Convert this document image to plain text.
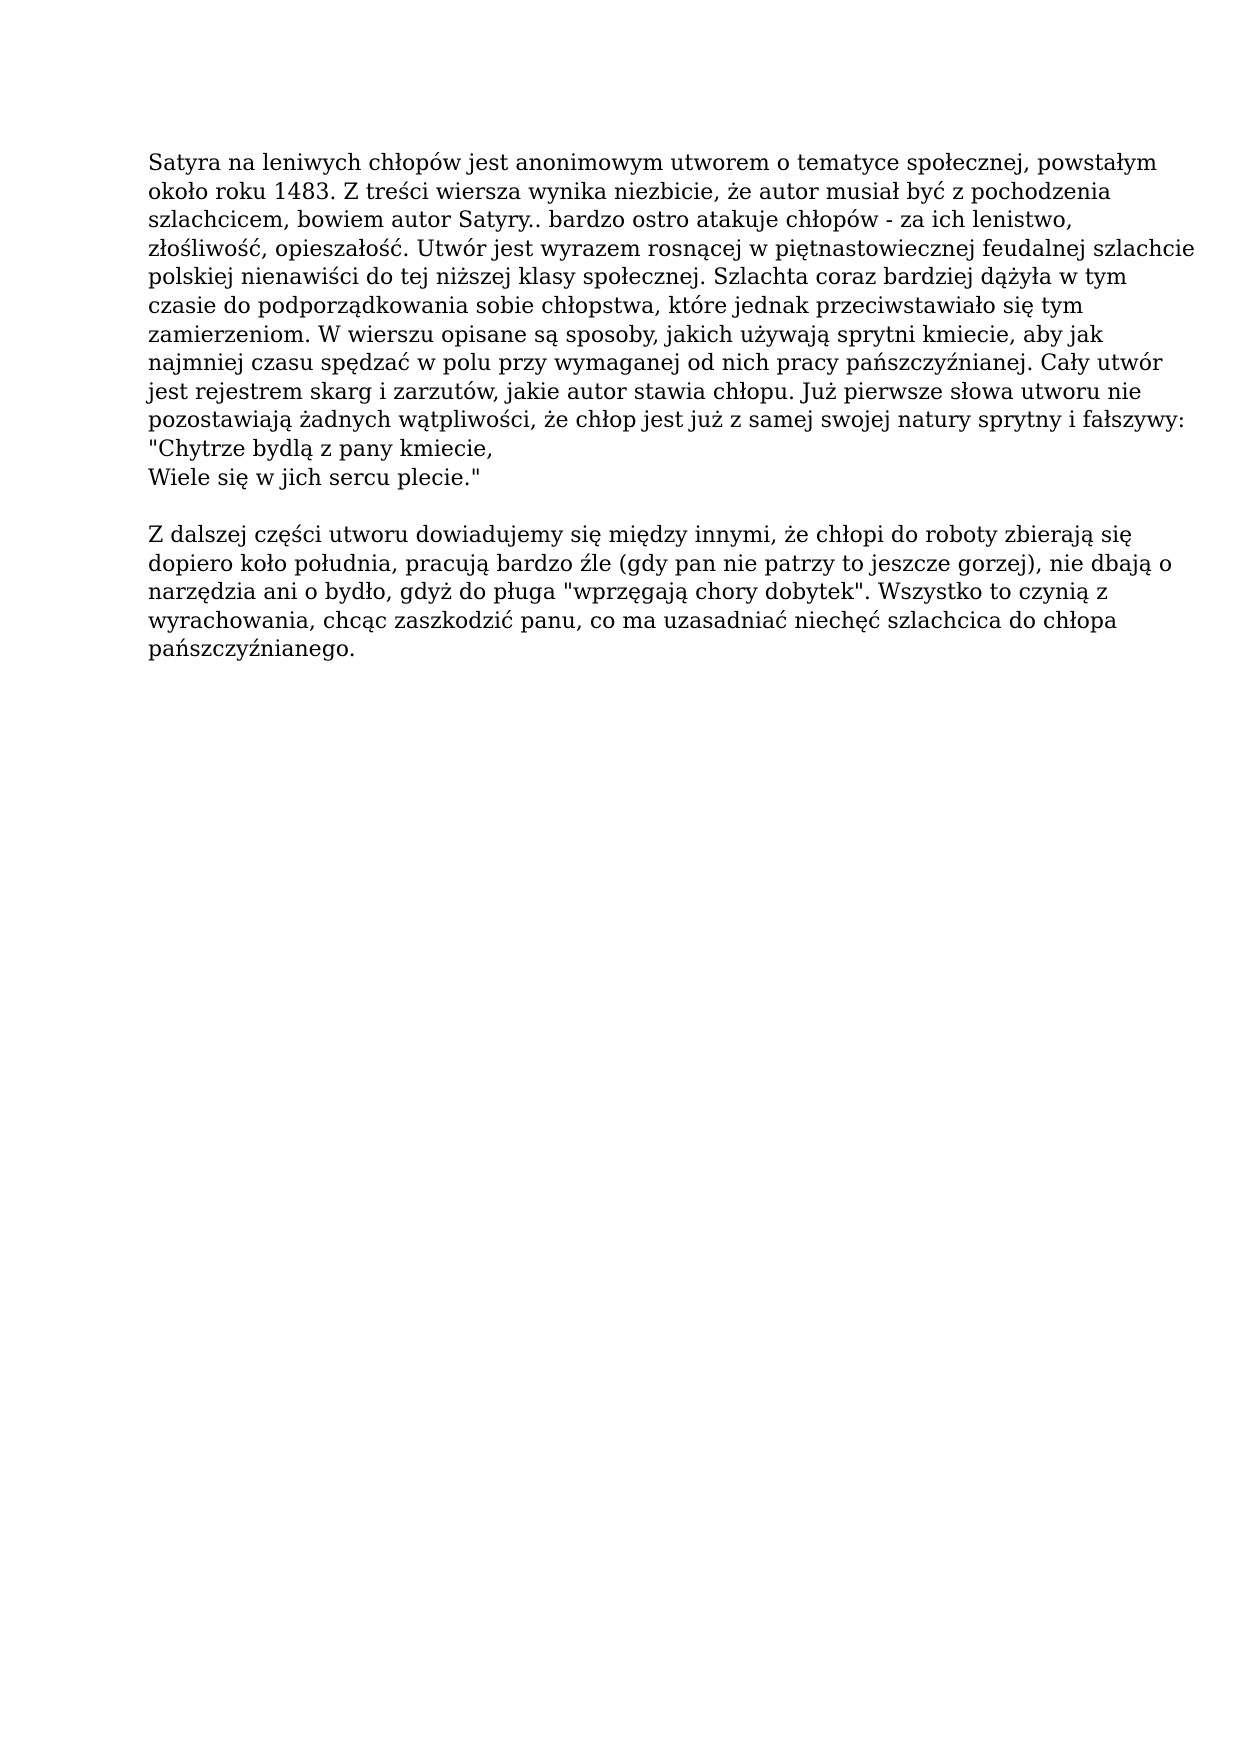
Satyra na leniwych chłopów jest anonimowym utworem o tematyce społecznej, powstałym
około roku 1483. Z treści wiersza wynika niezbicie, że autor musiał być z pochodzenia
szlachcicem, bowiem autor Satyry.. bardzo ostro atakuje chłopów - za ich lenistwo,
złośliwość, opieszałość. Utwór jest wyrazem rosnącej w piętnastowiecznej feudalnej szlachcie
polskiej nienawiści do tej niższej klasy społecznej. Szlachta coraz bardziej dążyła w tym
czasie do podporządkowania sobie chłopstwa, które jednak przeciwstawiało się tym
zamierzeniom. W wierszu opisane są sposoby, jakich używają sprytni kmiecie, aby jak
najmniej czasu spędzać w polu przy wymaganej od nich pracy pańszczyźnianej. Cały utwór
jest rejestrem skarg i zarzutów, jakie autor stawia chłopu. Już pierwsze słowa utworu nie
pozostawiają żadnych wątpliwości, że chłop jest już z samej swojej natury sprytny i fałszywy:
"Chytrze bydlą z pany kmiecie,
Wiele się w jich sercu plecie."
Z dalszej części utworu dowiadujemy się między innymi, że chłopi do roboty zbierają się
dopiero koło południa, pracują bardzo źle (gdy pan nie patrzy to jeszcze gorzej), nie dbają o
narzędzia ani o bydło, gdyż do pługa "wprzęgają chory dobytek". Wszystko to czynią z
wyrachowania, chcąc zaszkodzić panu, co ma uzasadniać niechęć szlachcica do chłopa
pańszczyźnianego.
